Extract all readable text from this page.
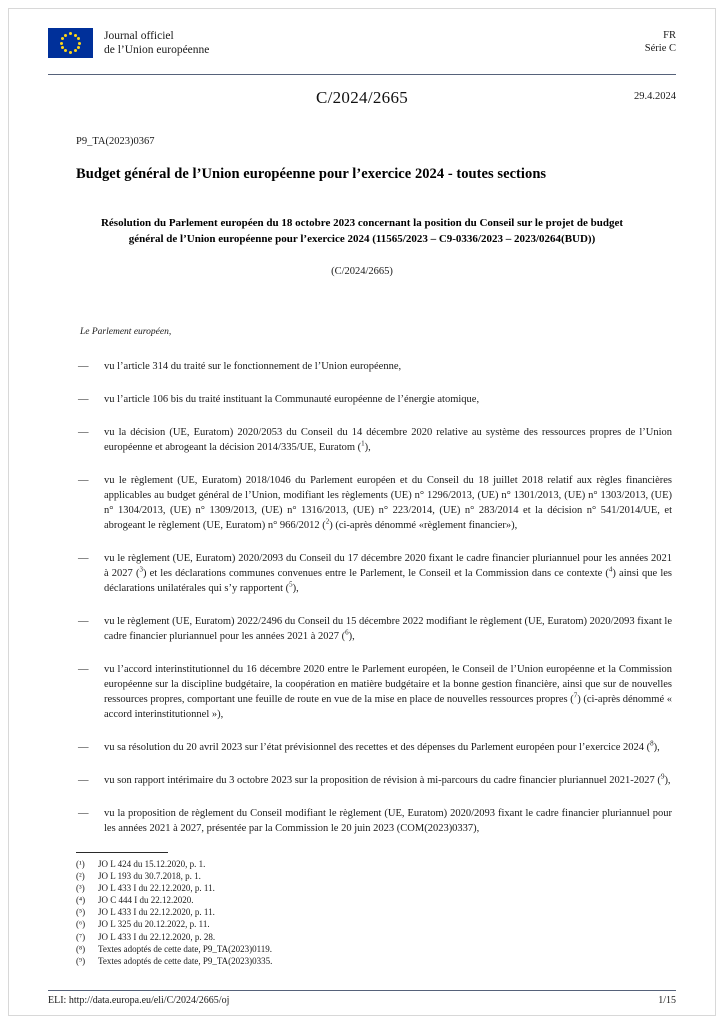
Journal officiel
de l’Union européenne
FR
Série C
C/2024/2665	29.4.2024
P9_TA(2023)0367
Budget général de l’Union européenne pour l’exercice 2024 - toutes sections
Résolution du Parlement européen du 18 octobre 2023 concernant la position du Conseil sur le projet de budget général de l’Union européenne pour l’exercice 2024 (11565/2023 – C9-0336/2023 – 2023/0264(BUD))
(C/2024/2665)
Le Parlement européen,
—	vu l’article 314 du traité sur le fonctionnement de l’Union européenne,
—	vu l’article 106 bis du traité instituant la Communauté européenne de l’énergie atomique,
—	vu la décision (UE, Euratom) 2020/2053 du Conseil du 14 décembre 2020 relative au système des ressources propres de l’Union européenne et abrogeant la décision 2014/335/UE, Euratom ($^1$),
—	vu le règlement (UE, Euratom) 2018/1046 du Parlement européen et du Conseil du 18 juillet 2018 relatif aux règles financières applicables au budget général de l’Union, modifiant les règlements (UE) n° 1296/2013, (UE) n° 1301/2013, (UE) n° 1303/2013, (UE) n° 1304/2013, (UE) n° 1309/2013, (UE) n° 1316/2013, (UE) n° 223/2014, (UE) n° 283/2014 et la décision n° 541/2014/UE, et abrogeant le règlement (UE, Euratom) n° 966/2012 ($^2$) (ci-après dénommé «règlement financier»),
—	vu le règlement (UE, Euratom) 2020/2093 du Conseil du 17 décembre 2020 fixant le cadre financier pluriannuel pour les années 2021 à 2027 ($^3$) et les déclarations communes convenues entre le Parlement, le Conseil et la Commission dans ce contexte ($^4$) ainsi que les déclarations unilatérales qui s’y rapportent ($^5$),
—	vu le règlement (UE, Euratom) 2022/2496 du Conseil du 15 décembre 2022 modifiant le règlement (UE, Euratom) 2020/2093 fixant le cadre financier pluriannuel pour les années 2021 à 2027 ($^6$),
—	vu l’accord interinstitutionnel du 16 décembre 2020 entre le Parlement européen, le Conseil de l’Union européenne et la Commission européenne sur la discipline budgétaire, la coopération en matière budgétaire et la bonne gestion financière, ainsi que sur de nouvelles ressources propres, comportant une feuille de route en vue de la mise en place de nouvelles ressources propres ($^7$) (ci-après dénommé « accord interinstitutionnel »),
—	vu sa résolution du 20 avril 2023 sur l’état prévisionnel des recettes et des dépenses du Parlement européen pour l’exercice 2024 ($^8$),
—	vu son rapport intérimaire du 3 octobre 2023 sur la proposition de révision à mi-parcours du cadre financier pluriannuel 2021-2027 ($^9$),
—	vu la proposition de règlement du Conseil modifiant le règlement (UE, Euratom) 2020/2093 fixant le cadre financier pluriannuel pour les années 2021 à 2027, présentée par la Commission le 20 juin 2023 (COM(2023)0337),
(¹)	JO L 424 du 15.12.2020, p. 1.
(²)	JO L 193 du 30.7.2018, p. 1.
(³)	JO L 433 I du 22.12.2020, p. 11.
(⁴)	JO C 444 I du 22.12.2020.
(⁵)	JO L 433 I du 22.12.2020, p. 11.
(⁶)	JO L 325 du 20.12.2022, p. 11.
(⁷)	JO L 433 I du 22.12.2020, p. 28.
(⁸)	Textes adoptés de cette date, P9_TA(2023)0119.
(⁹)	Textes adoptés de cette date, P9_TA(2023)0335.
ELI: http://data.europa.eu/eli/C/2024/2665/oj	1/15
